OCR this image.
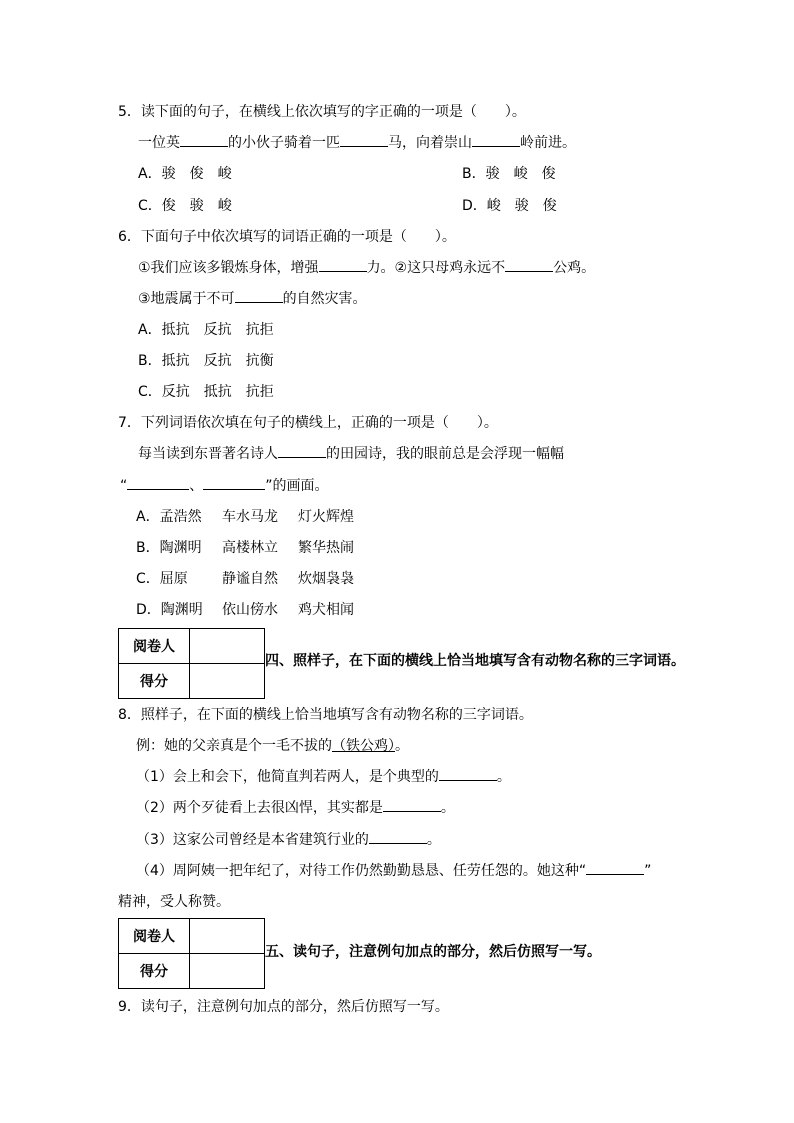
5．读下面的句子，在横线上依次填写的字正确的一项是（　　）。
一位英	的小伙子骑着一匹	马，向着崇山	岭前进。
A．骏　俊　峻	B．骏　峻　俊
C．俊　骏　峻	D．峻　骏　俊
6．下面句子中依次填写的词语正确的一项是（　　）。
①我们应该多锻炼身体，增强	力。②这只母鸡永远不	公鸡。
③地震属于不可	的自然灾害。
A．抵抗　反抗　抗拒
B．抵抗　反抗　抗衡
C．反抗　抵抗　抗拒
7．下列词语依次填在句子的横线上，正确的一项是（　　）。
每当读到东晋著名诗人	的田园诗，我的眼前总是会浮现一幅幅
“	、	”的画面。
A．孟浩然 车水马龙 灯火辉煌
B．陶渊明 高楼林立 繁华热闹
C．屈原 静谧自然 炊烟袅袅
D．陶渊明 依山傍水 鸡犬相闻
阅卷人	
得分	
四、照样子，在下面的横线上恰当地填写含有动物名称的三字词语。
8．照样子，在下面的横线上恰当地填写含有动物名称的三字词语。
例：她的父亲真是个一毛不拔的（铁公鸡）。
（1）会上和会下，他简直判若两人，是个典型的	。
（2）两个歹徒看上去很凶悍，其实都是	。
（3）这家公司曾经是本省建筑行业的	。
（4）周阿姨一把年纪了，对待工作仍然勤勤恳恳、任劳任怨的。她这种“	”
精神，受人称赞。
阅卷人	
得分	
五、读句子，注意例句加点的部分，然后仿照写一写。
9．读句子，注意例句加点的部分，然后仿照写一写。
